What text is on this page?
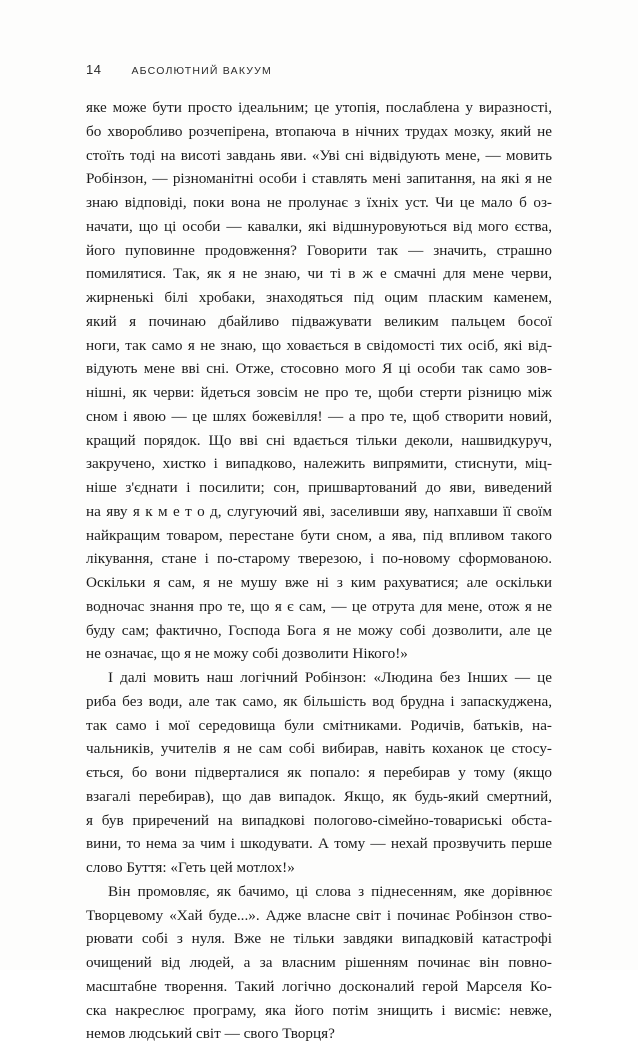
14	АБСОЛЮТНИЙ ВАКУУМ
яке може бути просто ідеальним; це утопія, послаблена у виразності,
бо хворобливо розчепірена, втопаюча в нічних трудах мозку, який не
стоїть тоді на висоті завдань яви. «Уві сні відвідують мене, — мовить
Робінзон, — різноманітні особи і ставлять мені запитання, на які я не
знаю відповіді, поки вона не пролунає з їхніх уст. Чи це мало б оз-
начати, що ці особи — кавалки, які відшнуровуються від мого єства,
його пуповинне продовження? Говорити так — значить, страшно
помилятися. Так, як я не знаю, чи ті в ж е смачні для мене черви,
жирненькі білі хробаки, знаходяться під оцим пласким каменем,
який я починаю дбайливо підважувати великим пальцем босої
ноги, так само я не знаю, що ховається в свідомості тих осіб, які від-
відують мене вві сні. Отже, стосовно мого Я ці особи так само зов-
нішні, як черви: йдеться зовсім не про те, щоби стерти різницю між
сном і явою — це шлях божевілля! — а про те, щоб створити новий,
кращий порядок. Що вві сні вдається тільки деколи, нашвидкуруч,
закручено, хистко і випадково, належить випрямити, стиснути, міц-
ніше з'єднати і посилити; сон, пришвартований до яви, виведений
на яву я к м е т о д, слугуючий яві, заселивши яву, напхавши її своїм
найкращим товаром, перестане бути сном, а ява, під впливом такого
лікування, стане і по-старому тверезою, і по-новому сформованою.
Оскільки я сам, я не мушу вже ні з ким рахуватися; але оскільки
водночас знання про те, що я є сам, — це отрута для мене, отож я не
буду сам; фактично, Господа Бога я не можу собі дозволити, але це
не означає, що я не можу собі дозволити Нікого!»
І далі мовить наш логічний Робінзон: «Людина без Інших — це
риба без води, але так само, як більшість вод брудна і запаскуджена,
так само і мої середовища були смітниками. Родичів, батьків, на-
чальників, учителів я не сам собі вибирав, навіть коханок це стосу-
ється, бо вони підверталися як попало: я перебирав у тому (якщо
взагалі перебирав), що дав випадок. Якщо, як будь-який смертний,
я був приречений на випадкові пологово-сімейно-товариські обста-
вини, то нема за чим і шкодувати. А тому — нехай прозвучить перше
слово Буття: «Геть цей мотлох!»
Він промовляє, як бачимо, ці слова з піднесенням, яке дорівнює
Творцевому «Хай буде...». Адже власне світ і починає Робінзон ство-
рювати собі з нуля. Вже не тільки завдяки випадковій катастрофі
очищений від людей, а за власним рішенням починає він повно-
масштабне творення. Такий логічно досконалий герой Марселя Ко-
ска накреслює програму, яка його потім знищить і висміє: невже,
немов людський світ — свого Творця?
